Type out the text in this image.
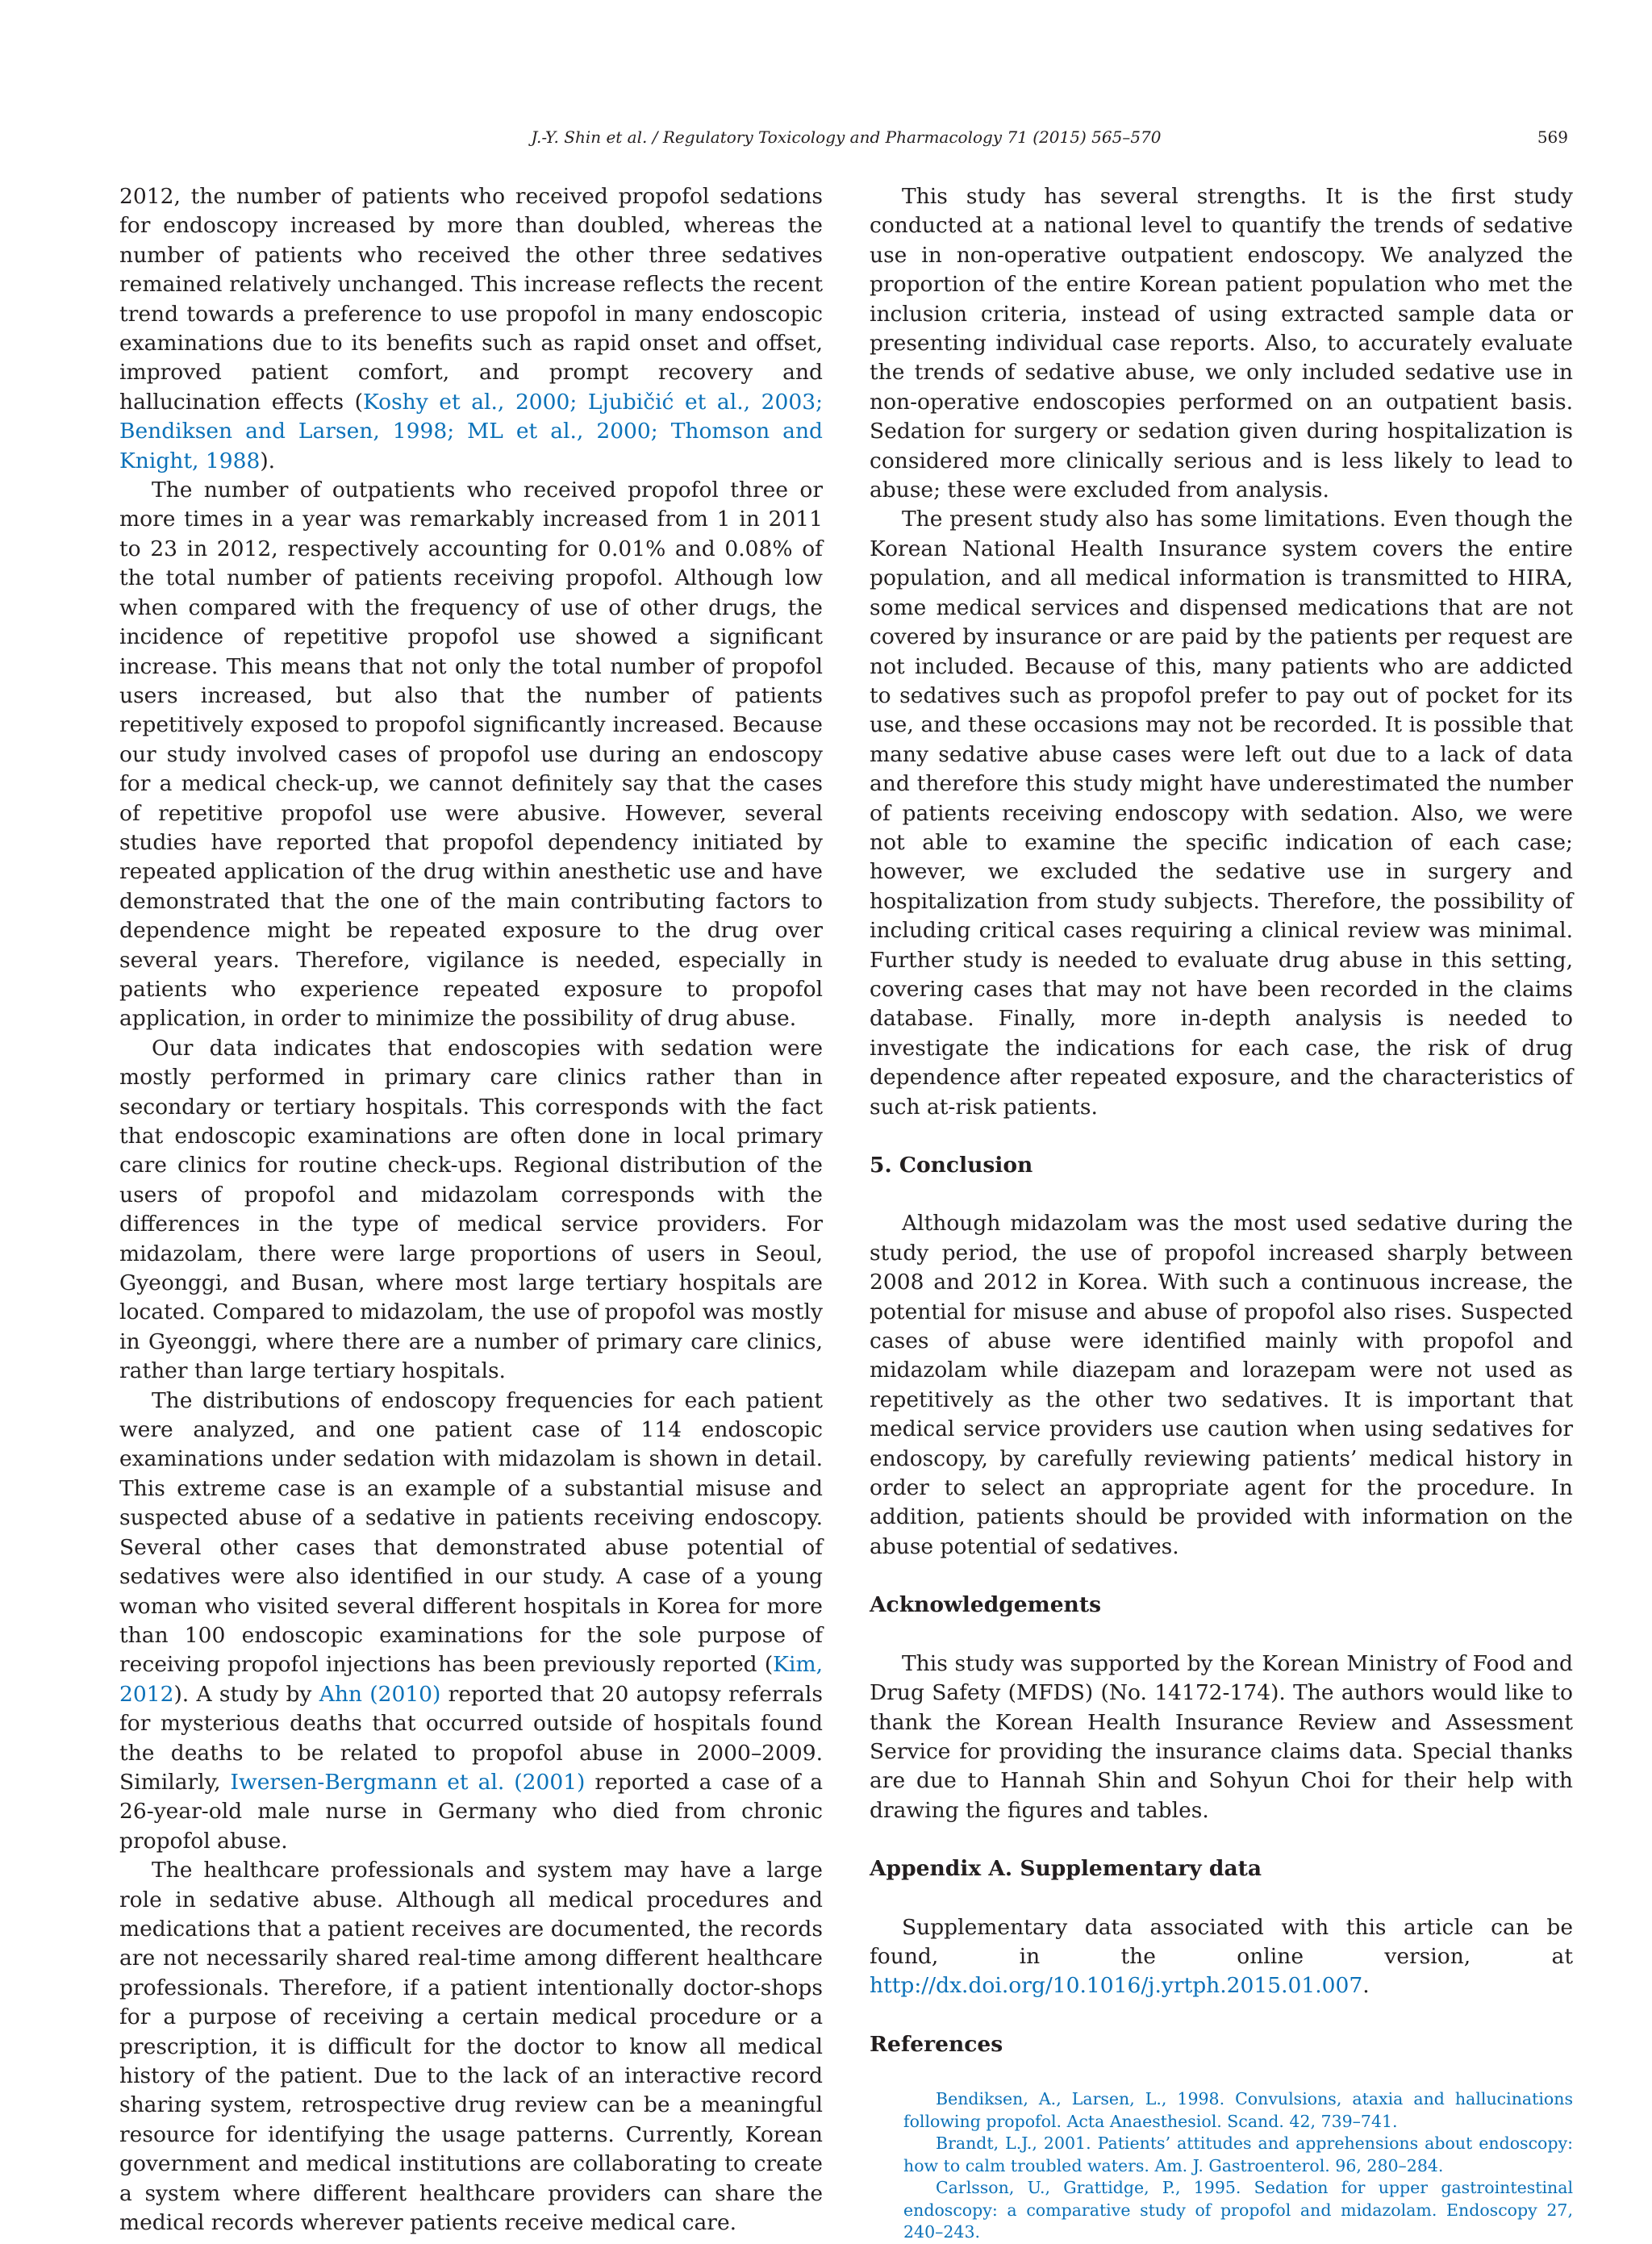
J.-Y. Shin et al. / Regulatory Toxicology and Pharmacology 71 (2015) 565–570	569

2012, the number of patients who received propofol sedations for endoscopy increased by more than doubled, whereas the number of patients who received the other three sedatives remained relatively unchanged. This increase reflects the recent trend towards a preference to use propofol in many endoscopic examinations due to its benefits such as rapid onset and offset, improved patient comfort, and prompt recovery and hallucination effects (Koshy et al., 2000; Ljubičić et al., 2003; Bendiksen and Larsen, 1998; ML et al., 2000; Thomson and Knight, 1988).

The number of outpatients who received propofol three or more times in a year was remarkably increased from 1 in 2011 to 23 in 2012, respectively accounting for 0.01% and 0.08% of the total number of patients receiving propofol. Although low when compared with the frequency of use of other drugs, the incidence of repetitive propofol use showed a significant increase. This means that not only the total number of propofol users increased, but also that the number of patients repetitively exposed to propofol significantly increased. Because our study involved cases of propofol use during an endoscopy for a medical check-up, we cannot definitely say that the cases of repetitive propofol use were abusive. However, several studies have reported that propofol dependency initiated by repeated application of the drug within anesthetic use and have demonstrated that the one of the main contributing factors to dependence might be repeated exposure to the drug over several years. Therefore, vigilance is needed, especially in patients who experience repeated exposure to propofol application, in order to minimize the possibility of drug abuse.

Our data indicates that endoscopies with sedation were mostly performed in primary care clinics rather than in secondary or tertiary hospitals. This corresponds with the fact that endoscopic examinations are often done in local primary care clinics for routine check-ups. Regional distribution of the users of propofol and midazolam corresponds with the differences in the type of medical service providers. For midazolam, there were large proportions of users in Seoul, Gyeonggi, and Busan, where most large tertiary hospitals are located. Compared to midazolam, the use of propofol was mostly in Gyeonggi, where there are a number of primary care clinics, rather than large tertiary hospitals.

The distributions of endoscopy frequencies for each patient were analyzed, and one patient case of 114 endoscopic examinations under sedation with midazolam is shown in detail. This extreme case is an example of a substantial misuse and suspected abuse of a sedative in patients receiving endoscopy. Several other cases that demonstrated abuse potential of sedatives were also identified in our study. A case of a young woman who visited several different hospitals in Korea for more than 100 endoscopic examinations for the sole purpose of receiving propofol injections has been previously reported (Kim, 2012). A study by Ahn (2010) reported that 20 autopsy referrals for mysterious deaths that occurred outside of hospitals found the deaths to be related to propofol abuse in 2000–2009. Similarly, Iwersen-Bergmann et al. (2001) reported a case of a 26-year-old male nurse in Germany who died from chronic propofol abuse.

The healthcare professionals and system may have a large role in sedative abuse. Although all medical procedures and medications that a patient receives are documented, the records are not necessarily shared real-time among different healthcare professionals. Therefore, if a patient intentionally doctor-shops for a purpose of receiving a certain medical procedure or a prescription, it is difficult for the doctor to know all medical history of the patient. Due to the lack of an interactive record sharing system, retrospective drug review can be a meaningful resource for identifying the usage patterns. Currently, Korean government and medical institutions are collaborating to create a system where different healthcare providers can share the medical records wherever patients receive medical care.

This study has several strengths. It is the first study conducted at a national level to quantify the trends of sedative use in non-operative outpatient endoscopy. We analyzed the proportion of the entire Korean patient population who met the inclusion criteria, instead of using extracted sample data or presenting individual case reports. Also, to accurately evaluate the trends of sedative abuse, we only included sedative use in non-operative endoscopies performed on an outpatient basis. Sedation for surgery or sedation given during hospitalization is considered more clinically serious and is less likely to lead to abuse; these were excluded from analysis.

The present study also has some limitations. Even though the Korean National Health Insurance system covers the entire population, and all medical information is transmitted to HIRA, some medical services and dispensed medications that are not covered by insurance or are paid by the patients per request are not included. Because of this, many patients who are addicted to sedatives such as propofol prefer to pay out of pocket for its use, and these occasions may not be recorded. It is possible that many sedative abuse cases were left out due to a lack of data and therefore this study might have underestimated the number of patients receiving endoscopy with sedation. Also, we were not able to examine the specific indication of each case; however, we excluded the sedative use in surgery and hospitalization from study subjects. Therefore, the possibility of including critical cases requiring a clinical review was minimal. Further study is needed to evaluate drug abuse in this setting, covering cases that may not have been recorded in the claims database. Finally, more in-depth analysis is needed to investigate the indications for each case, the risk of drug dependence after repeated exposure, and the characteristics of such at-risk patients.

5. Conclusion

Although midazolam was the most used sedative during the study period, the use of propofol increased sharply between 2008 and 2012 in Korea. With such a continuous increase, the potential for misuse and abuse of propofol also rises. Suspected cases of abuse were identified mainly with propofol and midazolam while diazepam and lorazepam were not used as repetitively as the other two sedatives. It is important that medical service providers use caution when using sedatives for endoscopy, by carefully reviewing patients’ medical history in order to select an appropriate agent for the procedure. In addition, patients should be provided with information on the abuse potential of sedatives.

Acknowledgements

This study was supported by the Korean Ministry of Food and Drug Safety (MFDS) (No. 14172-174). The authors would like to thank the Korean Health Insurance Review and Assessment Service for providing the insurance claims data. Special thanks are due to Hannah Shin and Sohyun Choi for their help with drawing the figures and tables.

Appendix A. Supplementary data

Supplementary data associated with this article can be found, in the online version, at http://dx.doi.org/10.1016/j.yrtph.2015.01.007.

References

Bendiksen, A., Larsen, L., 1998. Convulsions, ataxia and hallucinations following propofol. Acta Anaesthesiol. Scand. 42, 739–741.

Brandt, L.J., 2001. Patients’ attitudes and apprehensions about endoscopy: how to calm troubled waters. Am. J. Gastroenterol. 96, 280–284.

Carlsson, U., Grattidge, P., 1995. Sedation for upper gastrointestinal endoscopy: a comparative study of propofol and midazolam. Endoscopy 27, 240–243.
